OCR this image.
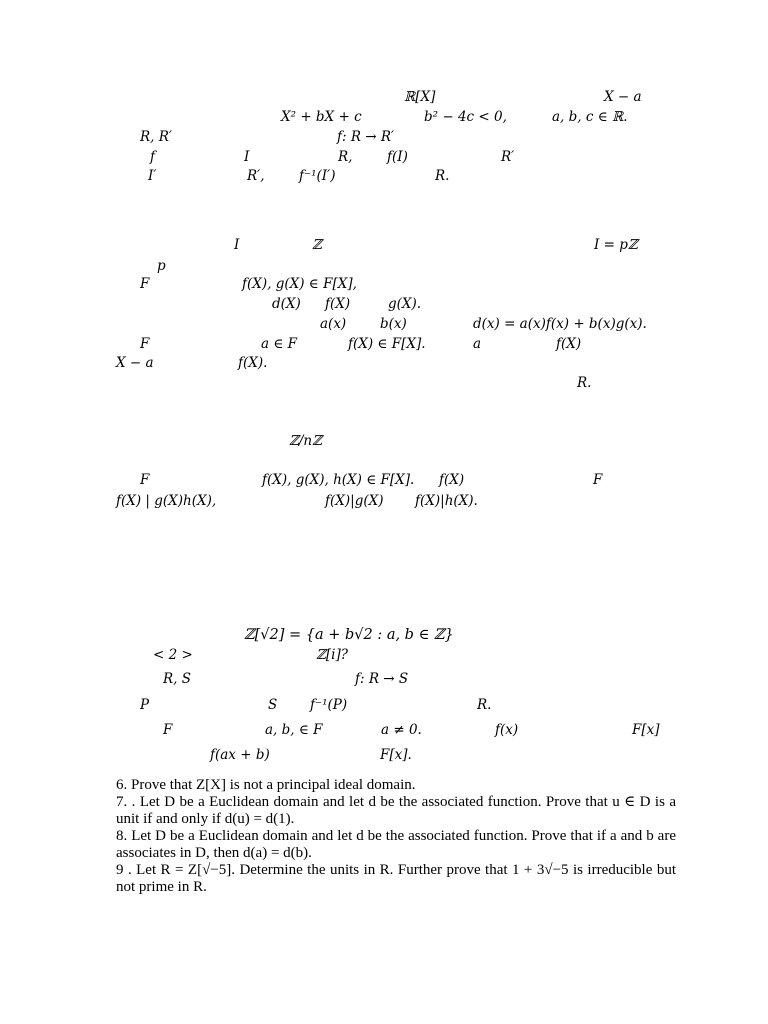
ℝ[X]	X − a
X² + bX + c	b² − 4c < 0,	a, b, c ∈ ℝ.
R, R′	f: R → R′
f	I	R,	f(I)	R′
I′	R′,	f⁻¹(I′)	R.
I	ℤ	I = pℤ
p
F	f(X), g(X) ∈ F[X],
d(X) f(X)	g(X).
a(x)	b(x)	d(x) = a(x)f(x) + b(x)g(x).
F	a ∈ F	f(X) ∈ F[X].	a	f(X)
X − a	f(X).
R.
ℤ/nℤ
F	f(X), g(X), h(X) ∈ F[X]. f(X)	F
f(X) | g(X)h(X),	f(X)|g(X) f(X)|h(X).
ℤ[√2] = {a + b√2 : a, b ∈ ℤ}
< 2 >	ℤ[i]?
R, S	f: R → S
P	S f⁻¹(P)	R.
F	a, b, ∈ F	a ≠ 0.	f(x)	F[x]
f(ax + b)	F[x].

6. Prove that Z[X] is not a principal ideal domain.

7. . Let D be a Euclidean domain and let d be the associated function. Prove that u ∈ D is a unit if and only if d(u) = d(1).

8. Let D be a Euclidean domain and let d be the associated function. Prove that if a and b are associates in D, then d(a) = d(b).

9 . Let R = Z[√−5]. Determine the units in R. Further prove that 1 + 3√−5 is irreducible but not prime in R.
